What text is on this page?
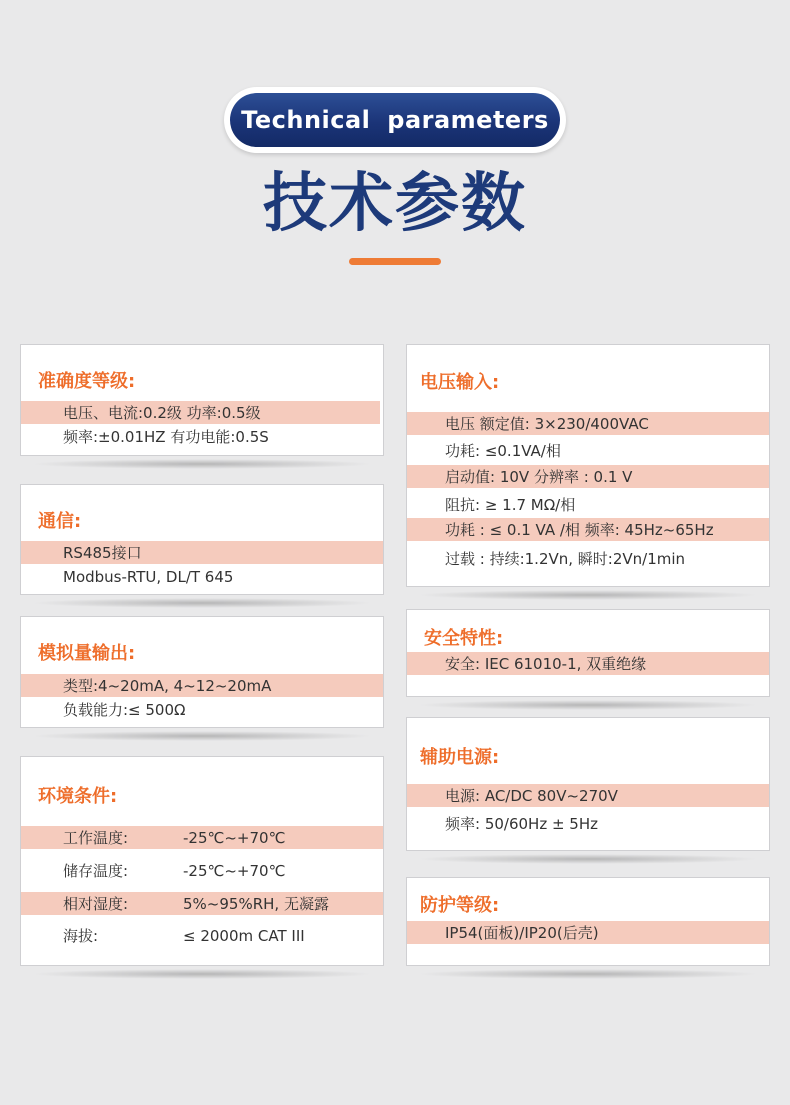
Technical parameters
技术参数
准确度等级:
电压、电流:0.2级 功率:0.5级
频率:±0.01HZ 有功电能:0.5S
通信:
RS485接口
Modbus-RTU, DL/T 645
模拟量输出:
类型:4~20mA, 4~12~20mA
负载能力:≤ 500Ω
环境条件:
工作温度:	-25℃~+70℃
储存温度:	-25℃~+70℃
相对湿度:	5%~95%RH, 无凝露
海拔:	≤ 2000m CAT III
电压输入:
电压 额定值: 3×230/400VAC
功耗: ≤0.1VA/相
启动值: 10V 分辨率 : 0.1 V
阻抗: ≥ 1.7 MΩ/相
功耗 : ≤ 0.1 VA /相 频率: 45Hz~65Hz
过载 : 持续:1.2Vn, 瞬时:2Vn/1min
安全特性:
安全: IEC 61010-1, 双重绝缘
辅助电源:
电源: AC/DC 80V~270V
频率: 50/60Hz ± 5Hz
防护等级:
IP54(面板)/IP20(后壳)
